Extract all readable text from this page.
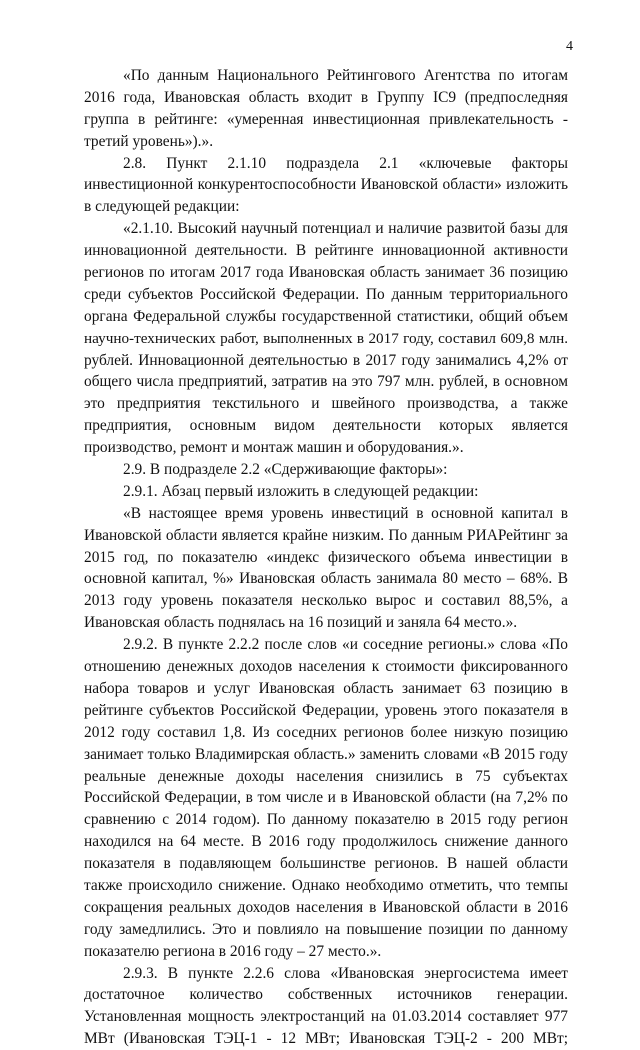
4
«По данным Национального Рейтингового Агентства по итогам
2016 года, Ивановская область входит в Группу IC9 (предпоследняя
группа в рейтинге: «умеренная инвестиционная привлекательность -
третий уровень»).».
2.8. Пункт 2.1.10 подраздела 2.1 «ключевые факторы
инвестиционной конкурентоспособности Ивановской области» изложить
в следующей редакции:
«2.1.10. Высокий научный потенциал и наличие развитой базы для
инновационной деятельности. В рейтинге инновационной активности
регионов по итогам 2017 года Ивановская область занимает 36 позицию
среди субъектов Российской Федерации. По данным территориального
органа Федеральной службы государственной статистики, общий объем
научно-технических работ, выполненных в 2017 году, составил 609,8 млн.
рублей. Инновационной деятельностью в 2017 году занимались 4,2% от
общего числа предприятий, затратив на это 797 млн. рублей, в основном
это предприятия текстильного и швейного производства, а также
предприятия, основным видом деятельности которых является
производство, ремонт и монтаж машин и оборудования.».
2.9. В подразделе 2.2 «Сдерживающие факторы»:
2.9.1. Абзац первый изложить в следующей редакции:
«В настоящее время уровень инвестиций в основной капитал в
Ивановской области является крайне низким. По данным РИАРейтинг за
2015 год, по показателю «индекс физического объема инвестиции в
основной капитал, %» Ивановская область занимала 80 место – 68%. В
2013 году уровень показателя несколько вырос и составил 88,5%, а
Ивановская область поднялась на 16 позиций и заняла 64 место.».
2.9.2. В пункте 2.2.2 после слов «и соседние регионы.» слова «По
отношению денежных доходов населения к стоимости фиксированного
набора товаров и услуг Ивановская область занимает 63 позицию в
рейтинге субъектов Российской Федерации, уровень этого показателя в
2012 году составил 1,8. Из соседних регионов более низкую позицию
занимает только Владимирская область.» заменить словами «В 2015 году
реальные денежные доходы населения снизились в 75 субъектах
Российской Федерации, в том числе и в Ивановской области (на 7,2% по
сравнению с 2014 годом). По данному показателю в 2015 году регион
находился на 64 месте. В 2016 году продолжилось снижение данного
показателя в подавляющем большинстве регионов. В нашей области
также происходило снижение. Однако необходимо отметить, что темпы
сокращения реальных доходов населения в Ивановской области в 2016
году замедлились. Это и повлияло на повышение позиции по данному
показателю региона в 2016 году – 27 место.».
2.9.3. В пункте 2.2.6 слова «Ивановская энергосистема имеет
достаточное количество собственных источников генерации.
Установленная мощность электростанций на 01.03.2014 составляет 977
МВт (Ивановская ТЭЦ-1 - 12 МВт; Ивановская ТЭЦ-2 - 200 МВт;
